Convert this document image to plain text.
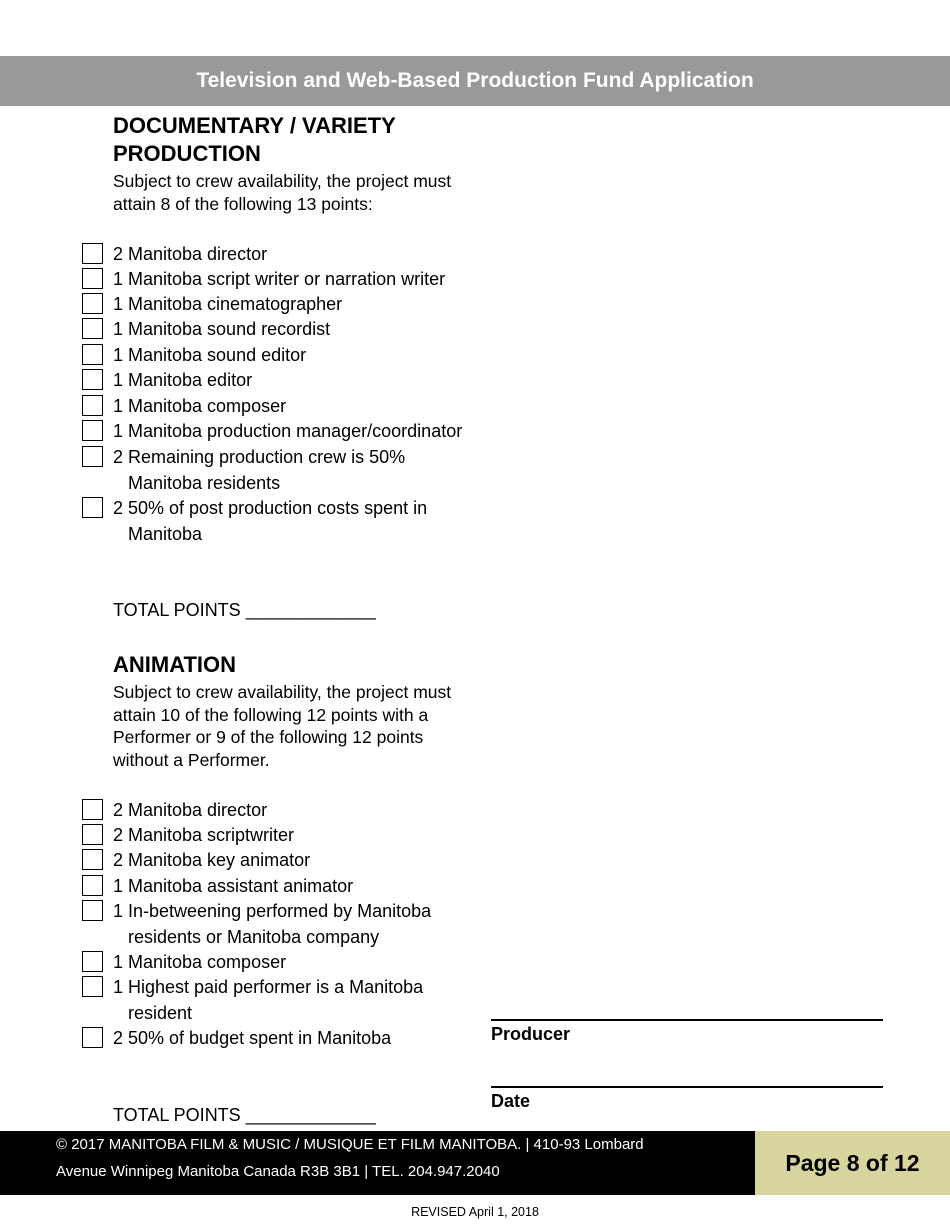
Television and Web-Based Production Fund Application
DOCUMENTARY / VARIETY
PRODUCTION
Subject to crew availability, the project must
attain 8 of the following 13 points:
2 Manitoba director
1 Manitoba script writer or narration writer
1 Manitoba cinematographer
1 Manitoba sound recordist
1 Manitoba sound editor
1 Manitoba editor
1 Manitoba composer
1 Manitoba production manager/coordinator
2 Remaining production crew is 50%
Manitoba residents
2 50% of post production costs spent in
Manitoba
TOTAL POINTS _____________
ANIMATION
Subject to crew availability, the project must
attain 10 of the following 12 points with a
Performer or 9 of the following 12 points
without a Performer.
2 Manitoba director
2 Manitoba scriptwriter
2 Manitoba key animator
1 Manitoba assistant animator
1 In-betweening performed by Manitoba
residents or Manitoba company
1 Manitoba composer
1 Highest paid performer is a Manitoba
resident
2 50% of budget spent in Manitoba
TOTAL POINTS _____________
Producer
Date
© 2017 MANITOBA FILM & MUSIC / MUSIQUE ET FILM MANITOBA. | 410-93 Lombard
Avenue Winnipeg Manitoba Canada R3B 3B1 | TEL. 204.947.2040	Page 8 of 12
REVISED April 1, 2018
